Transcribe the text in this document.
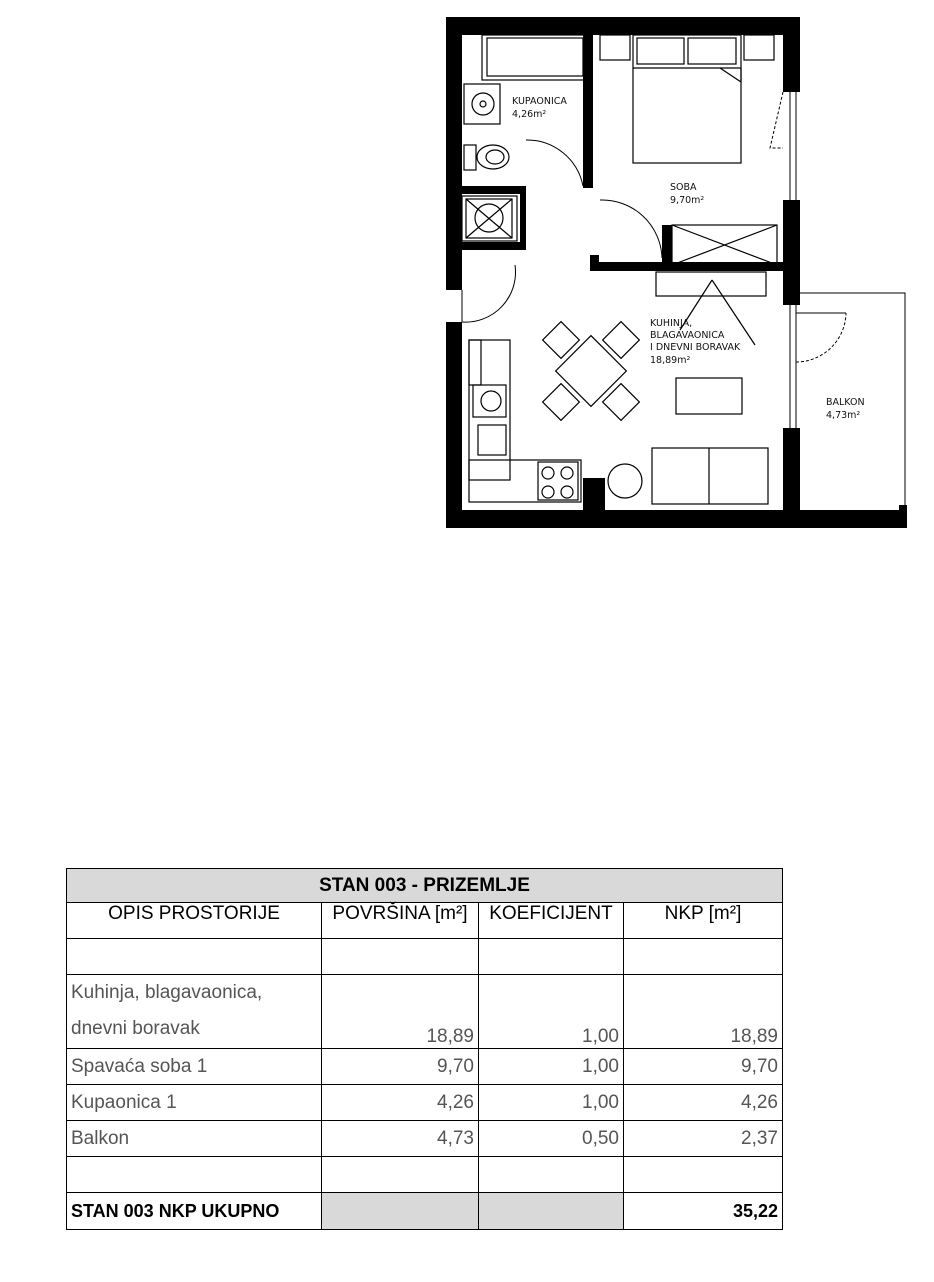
KUPAONICA
4,26m²
SOBA
9,70m²
KUHINJA,
BLAGAVAONICA
I DNEVNI BORAVAK
18,89m²
BALKON
4,73m²
STAN 003 - PRIZEMLJE			
OPIS PROSTORIJE	POVRŠINA [m²]	KOEFICIJENT	NKP [m²]

Kuhinja, blagavaonica,
dnevni boravak	18,89	1,00	18,89
Spavaća soba 1	9,70	1,00	9,70
Kupaonica 1	4,26	1,00	4,26
Balkon	4,73	0,50	2,37

STAN 003 NKP UKUPNO			35,22
